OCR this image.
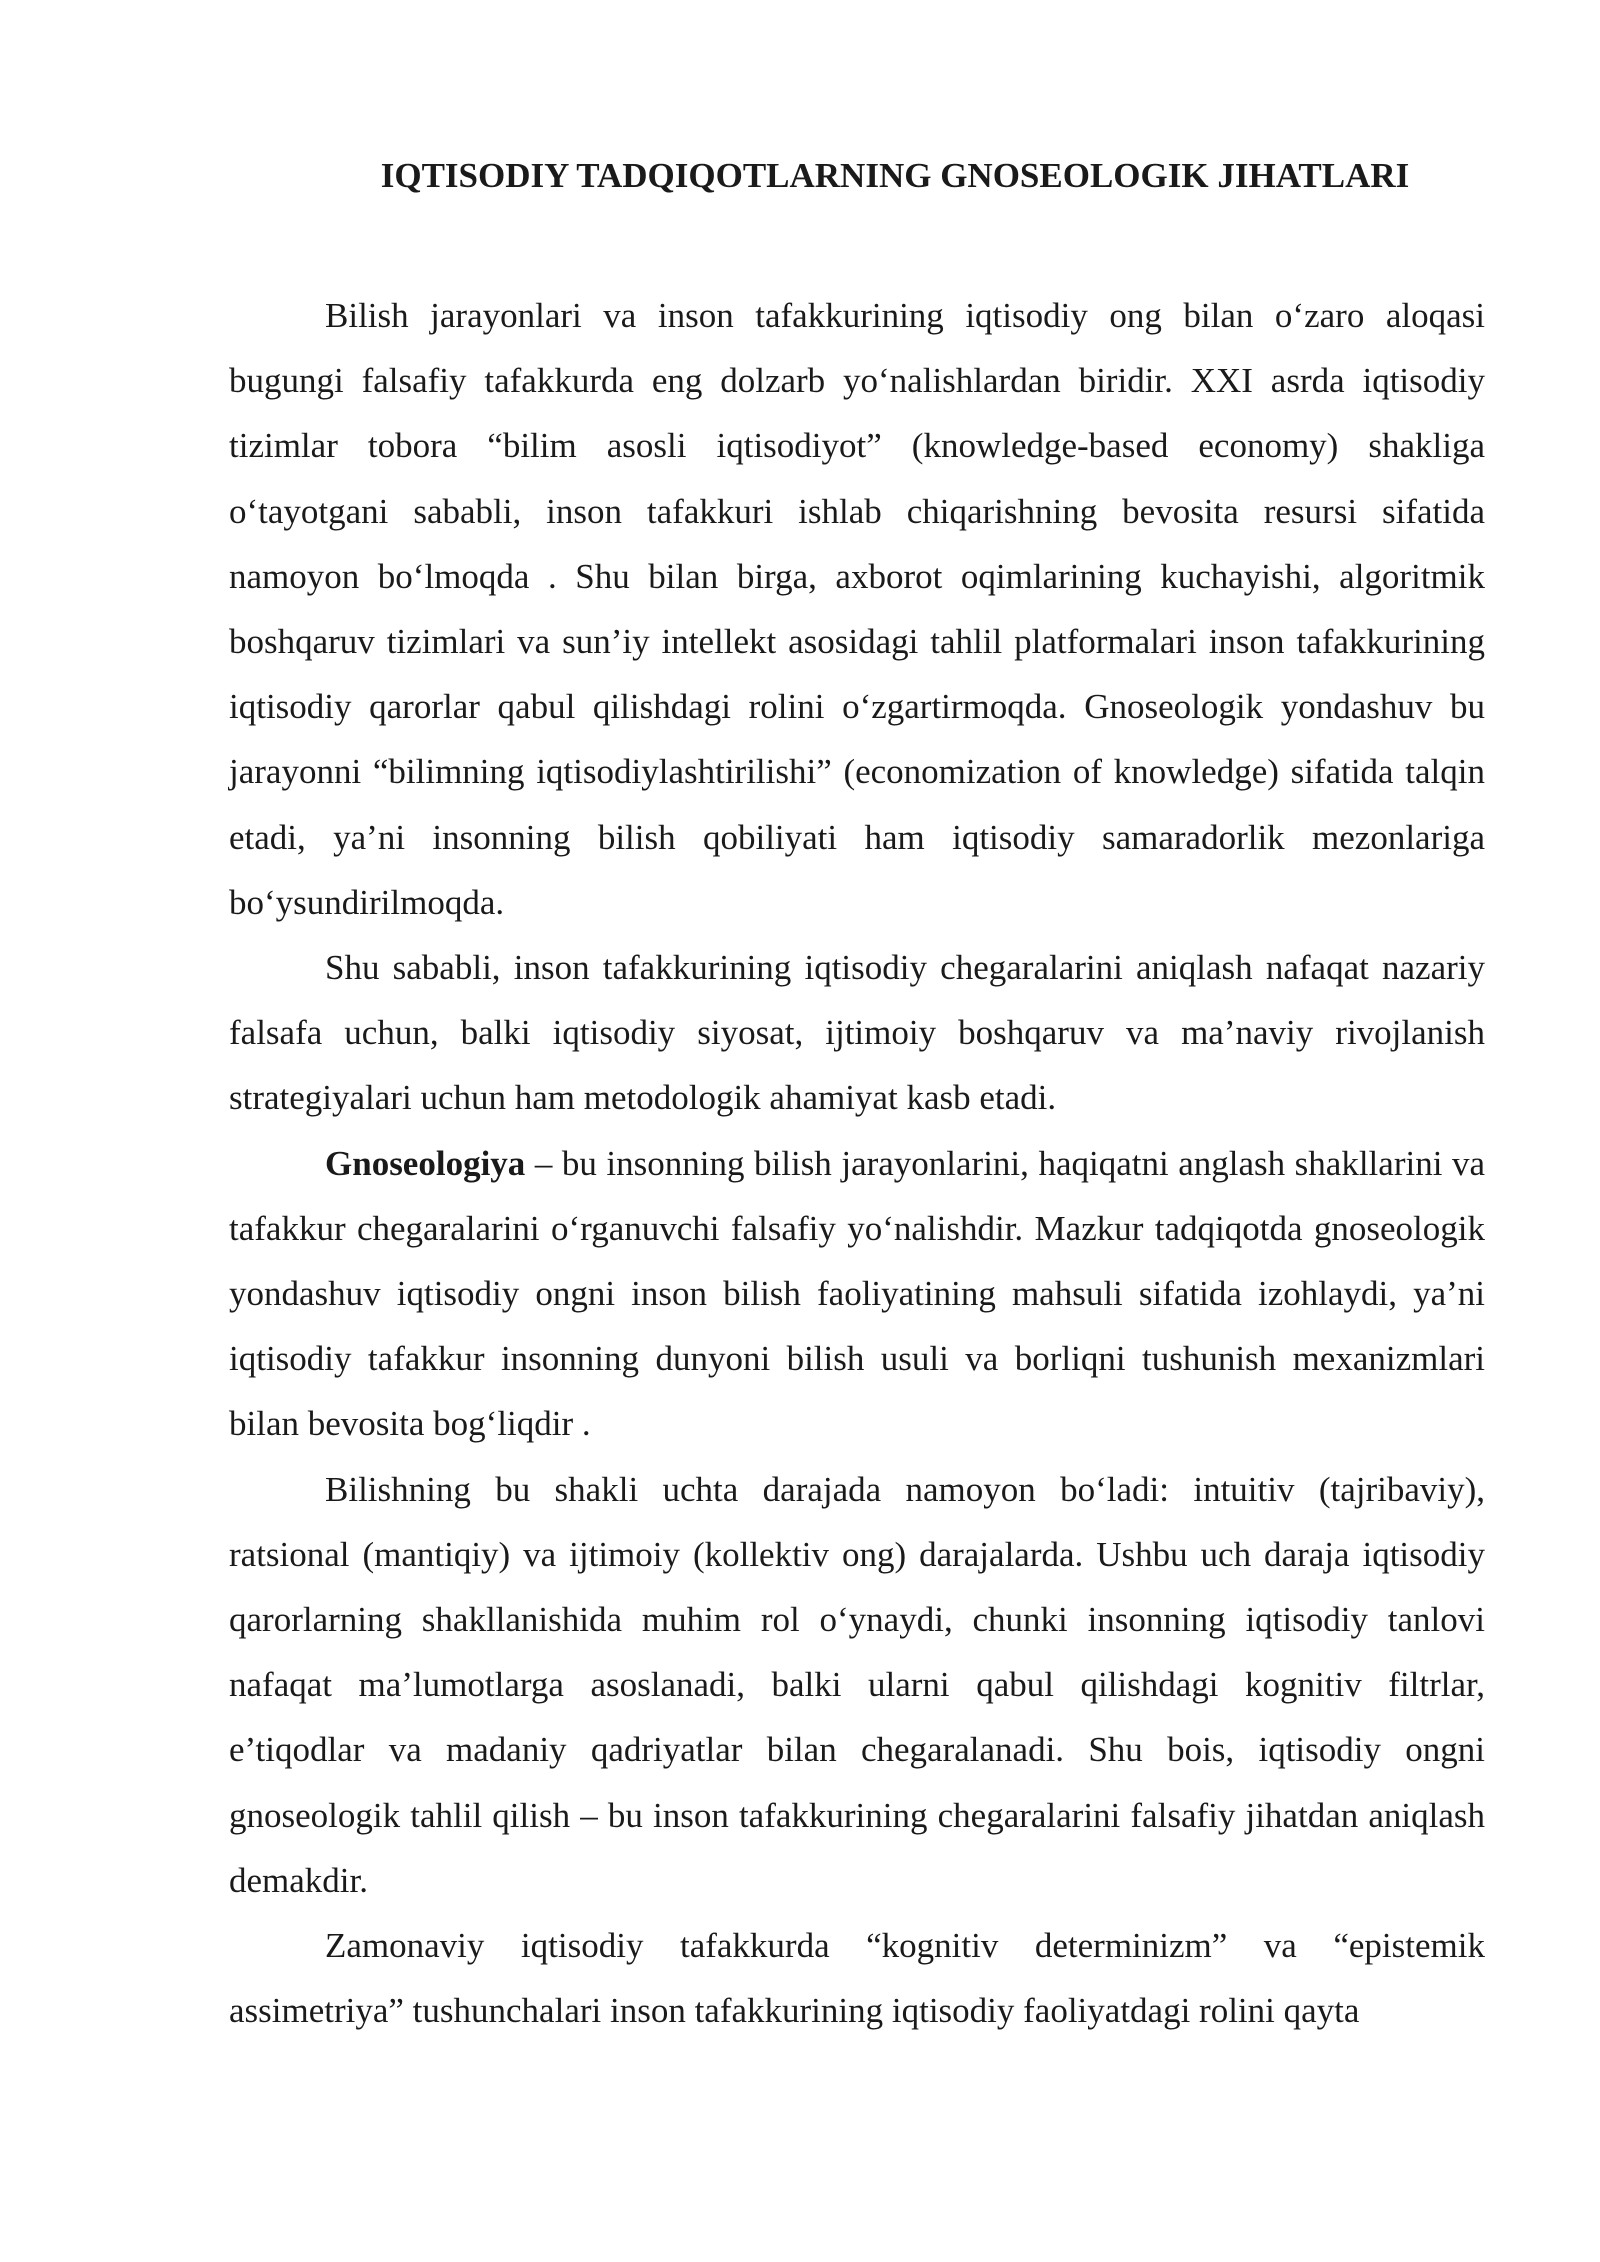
IQTISODIY TADQIQOTLARNING GNOSEOLOGIK JIHATLARI

Bilish jarayonlari va inson tafakkurining iqtisodiy ong bilan o‘zaro aloqasi bugungi falsafiy tafakkurda eng dolzarb yo‘nalishlardan biridir. XXI asrda iqtisodiy tizimlar tobora “bilim asosli iqtisodiyot” (knowledge-based economy) shakliga o‘tayotgani sababli, inson tafakkuri ishlab chiqarishning bevosita resursi sifatida namoyon bo‘lmoqda . Shu bilan birga, axborot oqimlarining kuchayishi, algoritmik boshqaruv tizimlari va sun’iy intellekt asosidagi tahlil platformalari inson tafakkurining iqtisodiy qarorlar qabul qilishdagi rolini o‘zgartirmoqda. Gnoseologik yondashuv bu jarayonni “bilimning iqtisodiylashtirilishi” (economization of knowledge) sifatida talqin etadi, ya’ni insonning bilish qobiliyati ham iqtisodiy samaradorlik mezonlariga bo‘ysundirilmoqda.

Shu sababli, inson tafakkurining iqtisodiy chegaralarini aniqlash nafaqat nazariy falsafa uchun, balki iqtisodiy siyosat, ijtimoiy boshqaruv va ma’naviy rivojlanish strategiyalari uchun ham metodologik ahamiyat kasb etadi.

Gnoseologiya – bu insonning bilish jarayonlarini, haqiqatni anglash shakllarini va tafakkur chegaralarini o‘rganuvchi falsafiy yo‘nalishdir. Mazkur tadqiqotda gnoseologik yondashuv iqtisodiy ongni inson bilish faoliyatining mahsuli sifatida izohlaydi, ya’ni iqtisodiy tafakkur insonning dunyoni bilish usuli va borliqni tushunish mexanizmlari bilan bevosita bog‘liqdir .

Bilishning bu shakli uchta darajada namoyon bo‘ladi: intuitiv (tajribaviy), ratsional (mantiqiy) va ijtimoiy (kollektiv ong) darajalarda. Ushbu uch daraja iqtisodiy qarorlarning shakllanishida muhim rol o‘ynaydi, chunki insonning iqtisodiy tanlovi nafaqat ma’lumotlarga asoslanadi, balki ularni qabul qilishdagi kognitiv filtrlar, e’tiqodlar va madaniy qadriyatlar bilan chegaralanadi. Shu bois, iqtisodiy ongni gnoseologik tahlil qilish – bu inson tafakkurining chegaralarini falsafiy jihatdan aniqlash demakdir.

Zamonaviy iqtisodiy tafakkurda “kognitiv determinizm” va “epistemik assimetriya” tushunchalari inson tafakkurining iqtisodiy faoliyatdagi rolini qayta
